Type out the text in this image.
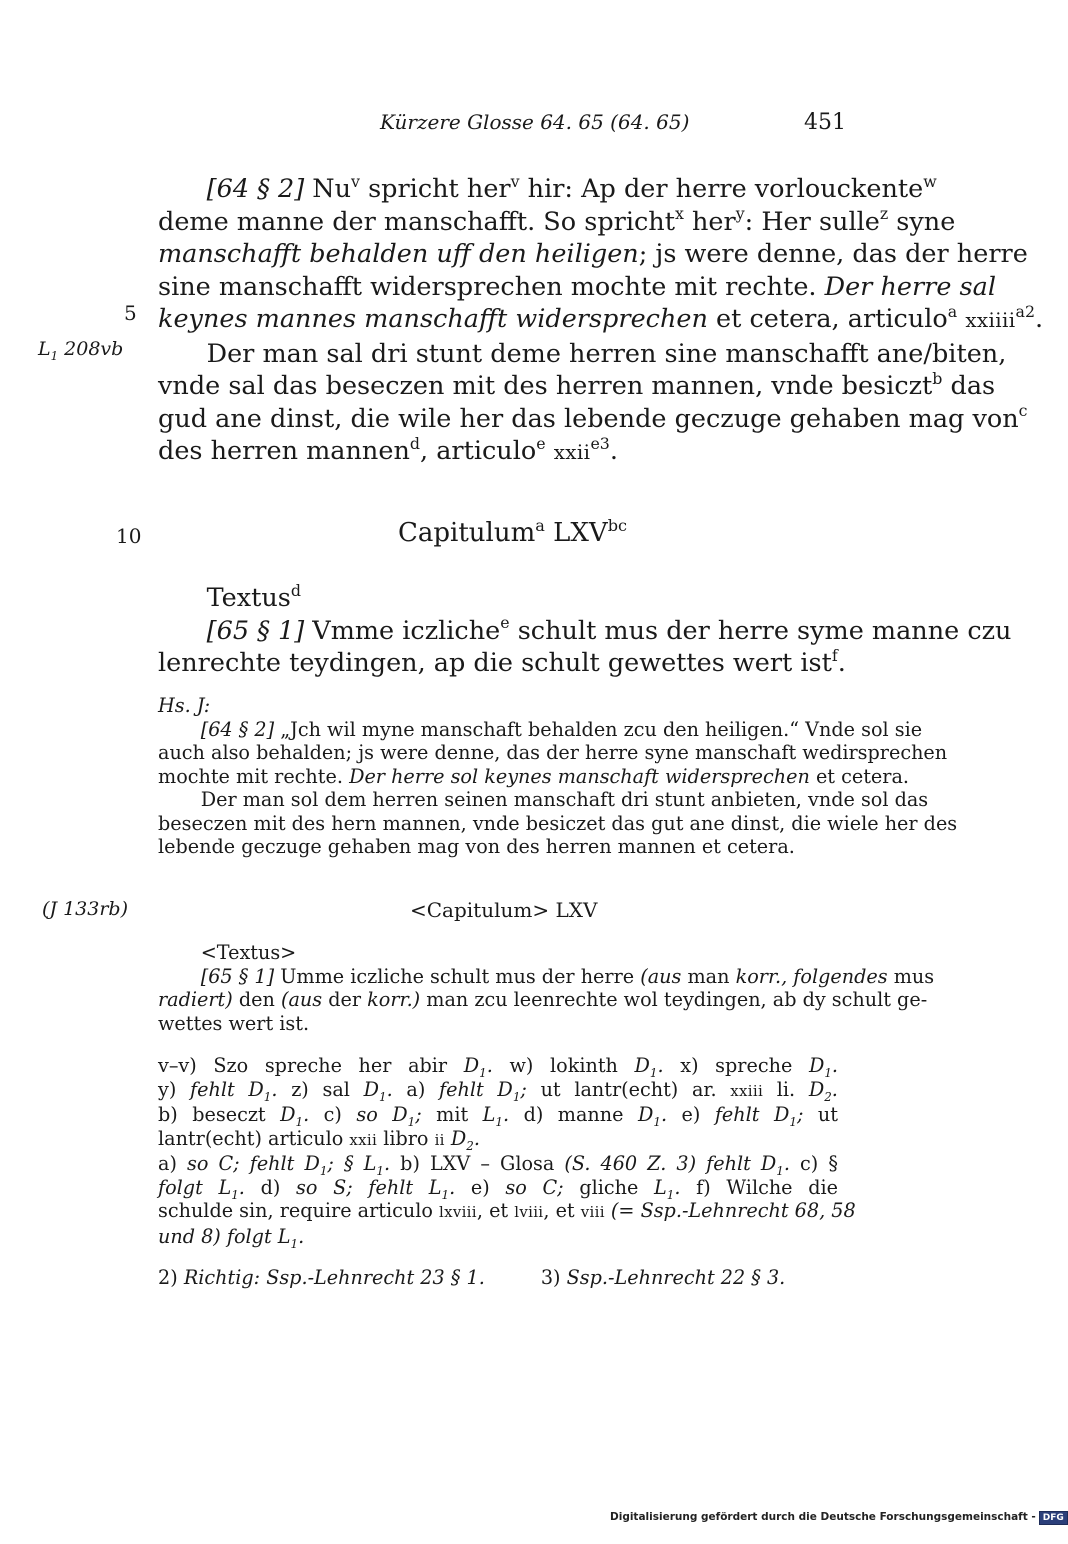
Kürzere Glosse 64. 65 (64. 65)	451
5
$L_1$ 208vb
10
(J 133rb)
[64 § 2] Nu$^v$ spricht her$^v$ hir: Ap der herre vorlouckente$^w$
deme manne der manschafft. So spricht$^x$ her$^y$: Her sulle$^z$ syne
manschafft behalden uff den heiligen; js were denne, das der herre
sine manschafft widersprechen mochte mit rechte. Der herre sal
keynes mannes manschafft widersprechen et cetera, articulo$^a$ xxiiii$^{a2}$.
Der man sal dri stunt deme herren sine manschafft ane/biten,
vnde sal das beseczen mit des herren mannen, vnde besiczt$^b$ das
gud ane dinst, die wile her das lebende geczuge gehaben mag von$^c$
des herren mannen$^d$, articulo$^e$ xxii$^{e3}$.
Capitulum$^a$ $LXV^{bc}$
Textus$^d$
[65 § 1] Vmme iczliche$^e$ schult mus der herre syme manne czu
lenrechte teydingen, ap die schult gewettes wert ist$^f$.
Hs. J:
[64 § 2] „Jch wil myne manschaft behalden zcu den heiligen.“ Vnde sol sie
auch also behalden; js were denne, das der herre syne manschaft wedirsprechen
mochte mit rechte. Der herre sol keynes manschaft widersprechen et cetera.
Der man sol dem herren seinen manschaft dri stunt anbieten, vnde sol das
beseczen mit des hern mannen, vnde besiczet das gut ane dinst, die wiele her des
lebende geczuge gehaben mag von des herren mannen et cetera.
<Capitulum> LXV
<Textus>
[65 § 1] Umme iczliche schult mus der herre (aus man korr., folgendes mus
radiert) den (aus der korr.) man zcu leenrechte wol teydingen, ab dy schult ge-
wettes wert ist.
v–v) Szo spreche her abir $D_1$. w) lokinth $D_1$. x) spreche $D_1$.
y) fehlt $D_1$. z) sal $D_1$. a) fehlt $D_1$; ut lantr(echt) ar. xxiii li. $D_2$.
b) beseczt $D_1$. c) so $D_1$; mit $L_1$. d) manne $D_1$. e) fehlt $D_1$; ut
lantr(echt) articulo xxii libro ii $D_2$.
a) so C; fehlt $D_1$; § $L_1$. b) LXV – Glosa (S. 460 Z. 3) fehlt $D_1$. c) §
folgt $L_1$. d) so S; fehlt $L_1$. e) so C; gliche $L_1$. f) Wilche die
schulde sin, require articulo lxviii, et lviii, et viii (= Ssp.-Lehnrecht 68, 58
und 8) folgt $L_1$.
2) Richtig: Ssp.-Lehnrecht 23 § 1.	3) Ssp.-Lehnrecht 22 § 3.
Digitalisierung gefördert durch die Deutsche Forschungsgemeinschaft - DFG
